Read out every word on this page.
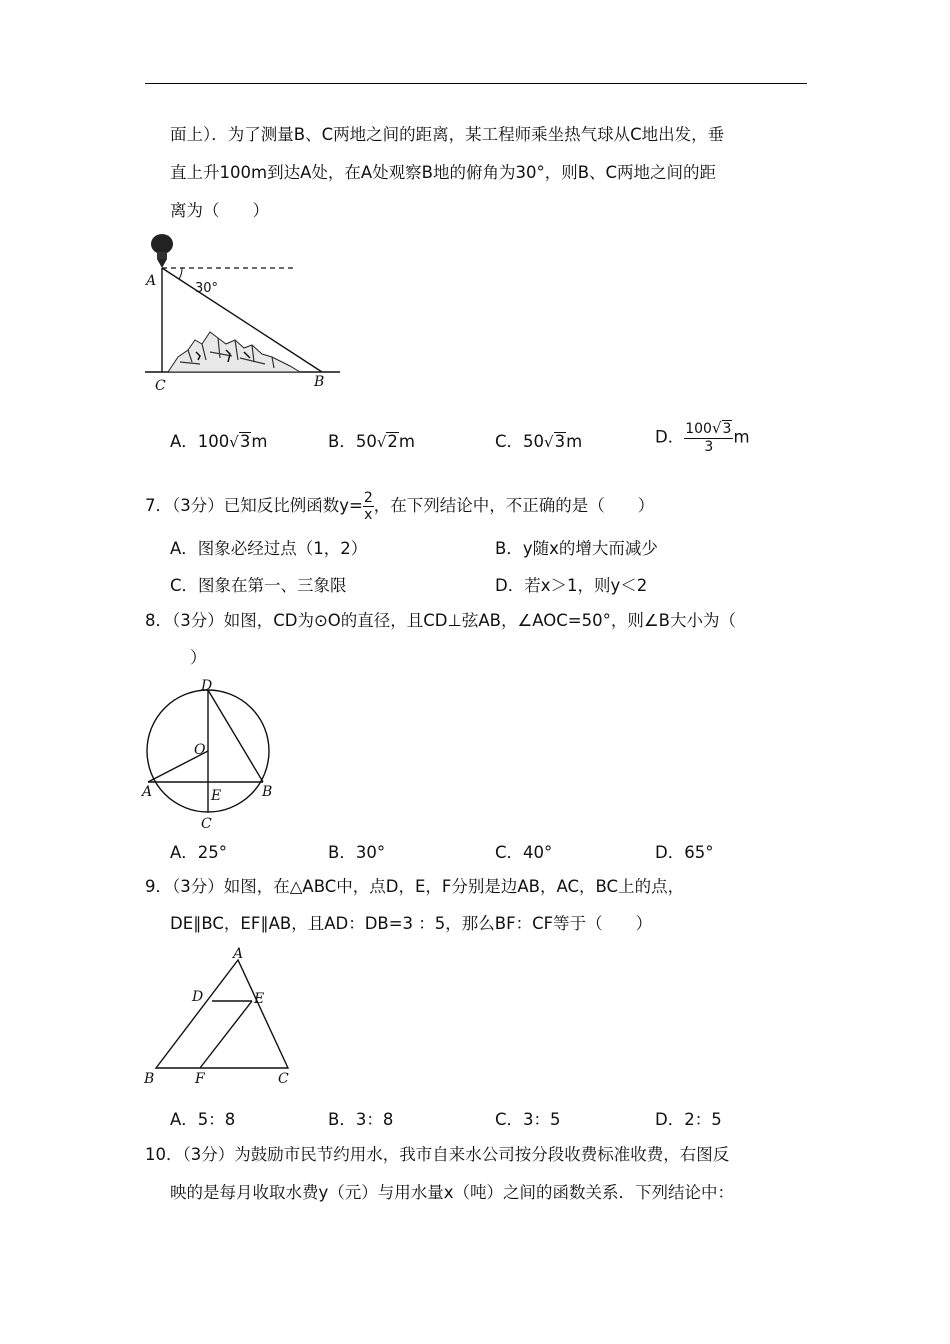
面上）．为了测量B、C两地之间的距离，某工程师乘坐热气球从C地出发，垂
直上升100m到达A处，在A处观察B地的俯角为30°，则B、C两地之间的距
离为（　　）
A
C	B
30°
A．100√3m	B．50√2m	C．50√3m	D． $\frac{100√3}{3}$ m
7．（3分）已知反比例函数$y= \frac{2}{x}$ ，在下列结论中，不正确的是（　　）
A．图象必经过点（1，2）	B．y随x的增大而减少
C．图象在第一、三象限	D．若x＞1，则y＜2
8．（3分）如图，CD为⊙O的直径，且CD⊥弦AB，∠AOC=50°，则∠B大小为（
）
D
O
A	E	B
C
A．25°	B．30°	C．40°	D．65°
9．（3分）如图，在△ABC中，点D，E，F分别是边AB，AC，BC上的点，
DE∥BC，EF∥AB，且AD：DB=3 ：5，那么BF：CF等于（　　）
A
D	E
B	F	C
A．5：8	B．3：8	C．3：5	D．2：5
10．（3分）为鼓励市民节约用水，我市自来水公司按分段收费标准收费，右图反
映的是每月收取水费y（元）与用水量x（吨）之间的函数关系．下列结论中：
